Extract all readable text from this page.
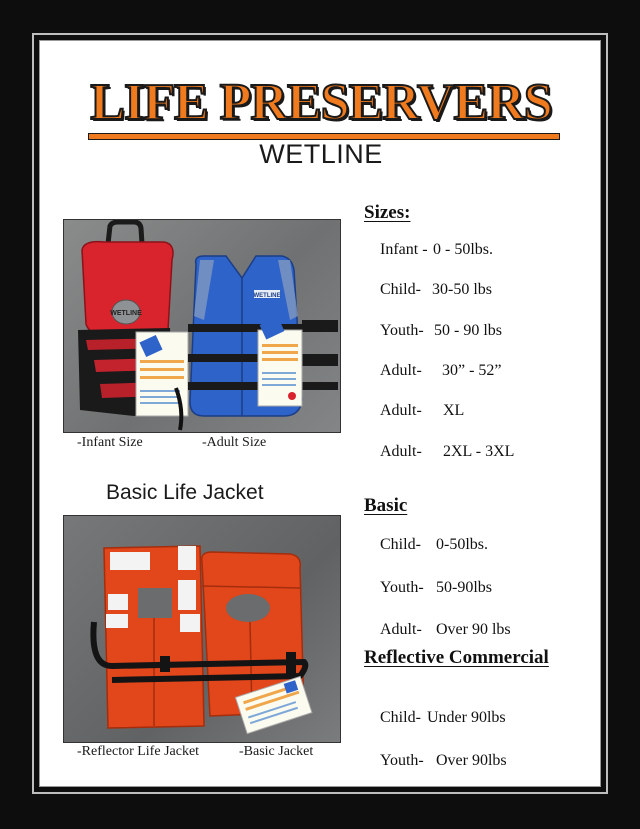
LIFE PRESERVERS
WETLINE
WETLINE
WETLINE
-Infant Size	-Adult Size
Basic Life Jacket
-Reflector Life Jacket	-Basic Jacket
Sizes:

Infant - 0 - 50lbs.

Child- 30-50 lbs

Youth- 50 - 90 lbs

Adult- 30” - 52”

Adult- XL

Adult- 2XL - 3XL

Basic

Child- 0-50lbs.

Youth- 50-90lbs

Adult- Over 90 lbs

Reflective Commercial

Child- Under 90lbs

Youth- Over 90lbs
